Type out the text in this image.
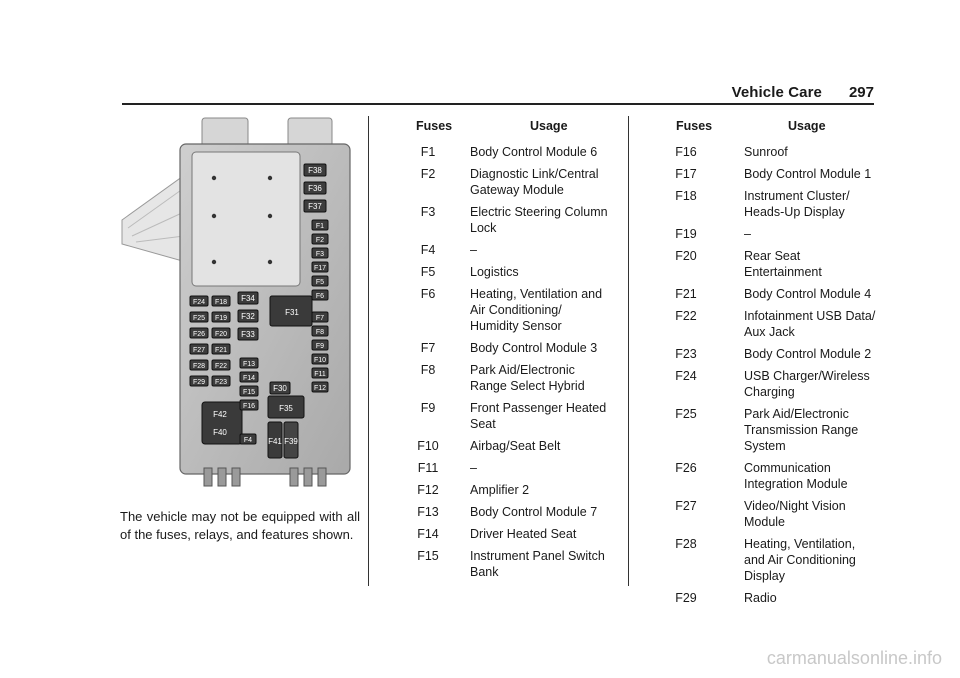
Vehicle Care 297
F38
F36
F37
F1
F2
F3
F17
F5
F6
F7
F8
F9
F10
F11
F12
F24 F18 F34
F31
F25 F19 F32
F26 F20 F33
F27 F21
F28 F22 F13
F29 F23
F14
F15 F30
F16	F35
F42
F40
F4 F41 F39
The vehicle may not be equipped with all of the fuses, relays, and features shown.
Fuses	Usage
F1	Body Control Module 6
F2	Diagnostic Link/Central Gateway Module
F3	Electric Steering Column Lock
F4	–
F5	Logistics
F6	Heating, Ventilation and Air Conditioning/ Humidity Sensor
F7	Body Control Module 3
F8	Park Aid/Electronic Range Select Hybrid
F9	Front Passenger Heated Seat
F10	Airbag/Seat Belt
F11	–
F12	Amplifier 2
F13	Body Control Module 7
F14	Driver Heated Seat
F15	Instrument Panel Switch Bank
Fuses	Usage
F16	Sunroof
F17	Body Control Module 1
F18	Instrument Cluster/ Heads-Up Display
F19	–
F20	Rear Seat Entertainment
F21	Body Control Module 4
F22	Infotainment USB Data/ Aux Jack
F23	Body Control Module 2
F24	USB Charger/Wireless Charging
F25	Park Aid/Electronic Transmission Range System
F26	Communication Integration Module
F27	Video/Night Vision Module
F28	Heating, Ventilation, and Air Conditioning Display
F29	Radio
carmanualsonline.info
